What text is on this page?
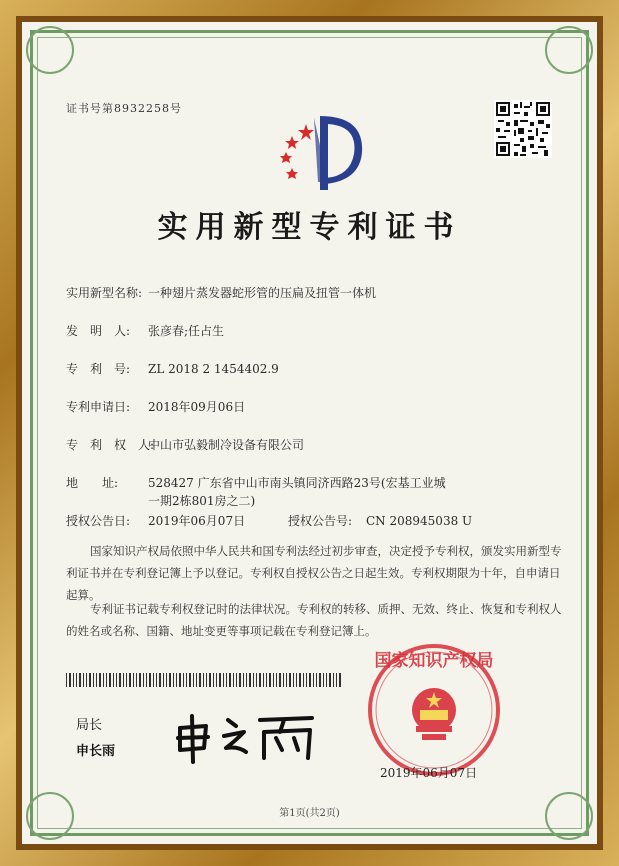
证书号第8932258号
实用新型专利证书
实用新型名称: 一种翅片蒸发器蛇形管的压扁及扭管一体机
发　明　人: 张彦春;任占生
专　利　号: ZL 2018 2 1454402.9
专利申请日: 2018年09月06日
专　利　权　人:中山市弘毅制冷设备有限公司
地　　址: 528427 广东省中山市南头镇同济西路23号(宏基工业城
一期2栋801房之二)
授权公告日: 2019年06月07日	授权公告号: CN 208945038 U
国家知识产权局依照中华人民共和国专利法经过初步审查，决定授予专利权，颁发实用新型专利证书并在专利登记簿上予以登记。专利权自授权公告之日起生效。专利权期限为十年，自申请日起算。
专利证书记载专利权登记时的法律状况。专利权的转移、质押、无效、终止、恢复和专利权人的姓名或名称、国籍、地址变更等事项记载在专利登记簿上。
局长
申长雨
国家知识产权局
2019年06月07日
第1页(共2页)
